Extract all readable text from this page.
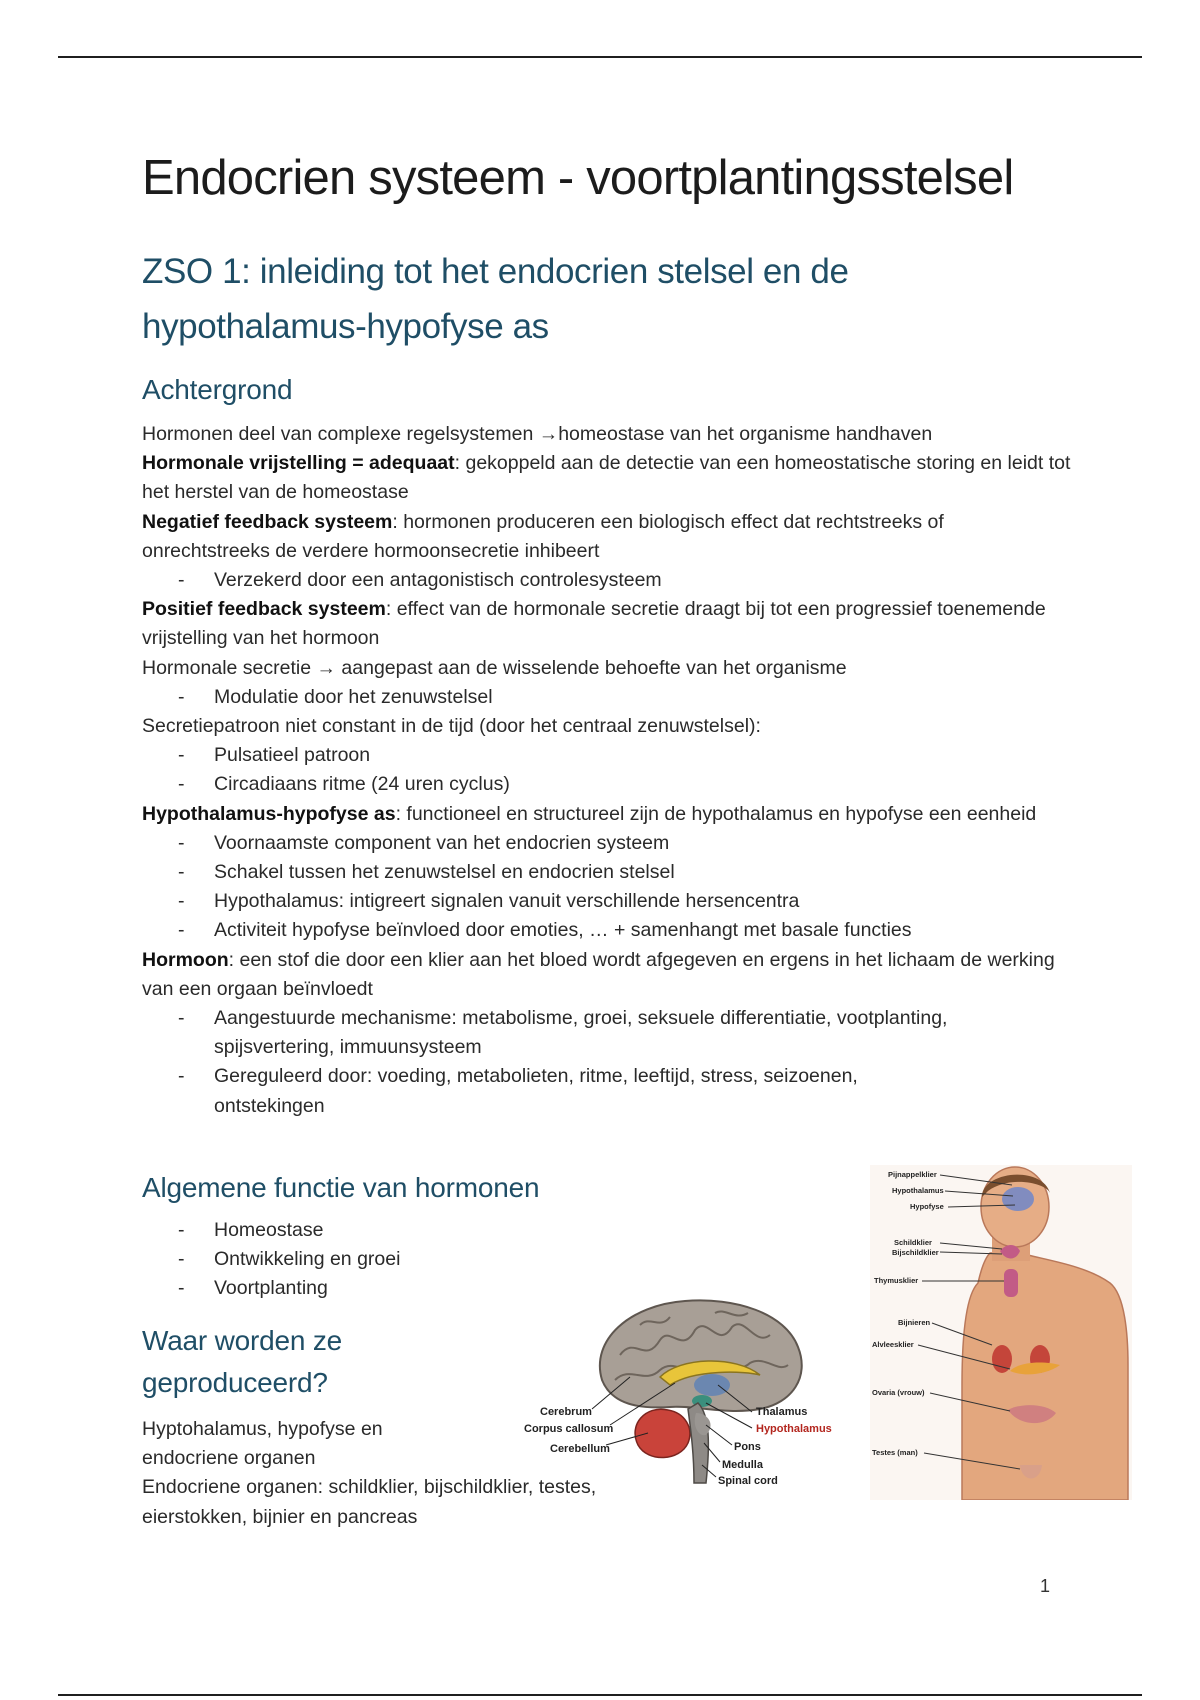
Endocrien systeem - voortplantingsstelsel
ZSO 1: inleiding tot het endocrien stelsel en de hypothalamus-hypofyse as
Achtergrond

Hormonen deel van complexe regelsystemen →homeostase van het organisme handhaven

Hormonale vrijstelling = adequaat: gekoppeld aan de detectie van een homeostatische storing en leidt tot het herstel van de homeostase

Negatief feedback systeem: hormonen produceren een biologisch effect dat rechtstreeks of onrechtstreeks de verdere hormoonsecretie inhibeert

- Verzekerd door een antagonistisch controlesysteem

Positief feedback systeem: effect van de hormonale secretie draagt bij tot een progressief toenemende vrijstelling van het hormoon

Hormonale secretie → aangepast aan de wisselende behoefte van het organisme

- Modulatie door het zenuwstelsel

Secretiepatroon niet constant in de tijd (door het centraal zenuwstelsel):

- Pulsatieel patroon
- Circadiaans ritme (24 uren cyclus)

Hypothalamus-hypofyse as: functioneel en structureel zijn de hypothalamus en hypofyse een eenheid

- Voornaamste component van het endocrien systeem
- Schakel tussen het zenuwstelsel en endocrien stelsel
- Hypothalamus: intigreert signalen vanuit verschillende hersencentra
- Activiteit hypofyse beïnvloed door emoties, … + samenhangt met basale functies

Hormoon: een stof die door een klier aan het bloed wordt afgegeven en ergens in het lichaam de werking van een orgaan beïnvloedt

- Aangestuurde mechanisme: metabolisme, groei, seksuele differentiatie, vootplanting, spijsvertering, immuunsysteem
- Gereguleerd door: voeding, metabolieten, ritme, leeftijd, stress, seizoenen, ontstekingen
Algemene functie van hormonen
- Homeostase
- Ontwikkeling en groei
- Voortplanting
Waar worden ze geproduceerd?

Hyptohalamus, hypofyse en endocriene organen

Endocriene organen: schildklier, bijschildklier, testes, eierstokken, bijnier en pancreas

Cerebrum
Corpus callosum
Cerebellum
Thalamus
Hypothalamus
Pons
Medulla
Spinal cord
Pijnappelklier
Hypothalamus
Hypofyse
Schildklier
Bijschildklier
Thymusklier
Bijnieren
Alvleesklier
Ovaria (vrouw)
Testes (man)
1
